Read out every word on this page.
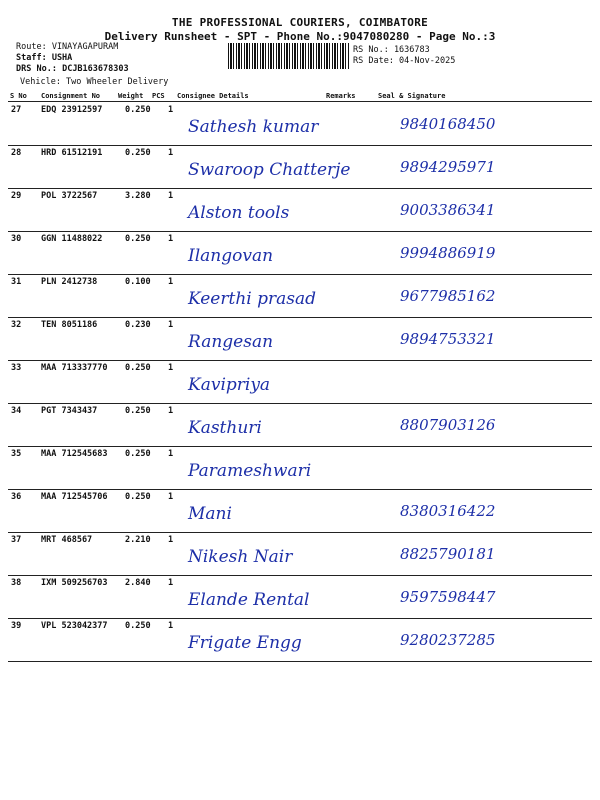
THE PROFESSIONAL COURIERS, COIMBATORE
Delivery Runsheet - SPT - Phone No.:9047080280 - Page No.:3
Route: VINAYAGAPURAM
Staff: USHA
DRS No.: DCJB163678303
Vehicle: Two Wheeler Delivery
RS No.: 1636783
RS Date: 04-Nov-2025
S No Consignment No	Weight PCS Consignee Details	Remarks	Seal & Signature
27 EDQ 23912597	0.250 1
Sathesh kumar	9840168450
28 HRD 61512191	0.250 1
Swaroop Chatterje	9894295971
29 POL 3722567	3.280 1
Alston tools	9003386341
30 GGN 11488022	0.250 1
Ilangovan	9994886919
31 PLN 2412738	0.100 1
Keerthi prasad	9677985162
32 TEN 8051186	0.230 1
Rangesan	9894753321
33 MAA 713337770 0.250 1
Kavipriya
34 PGT 7343437	0.250 1
Kasthuri	8807903126
35 MAA 712545683 0.250 1
Parameshwari
36 MAA 712545706 0.250 1
Mani	8380316422
37 MRT 468567	2.210 1
Nikesh Nair	8825790181
38 IXM 509256703 2.840 1
Elande Rental	9597598447
39 VPL 523042377 0.250 1
Frigate Engg	9280237285
